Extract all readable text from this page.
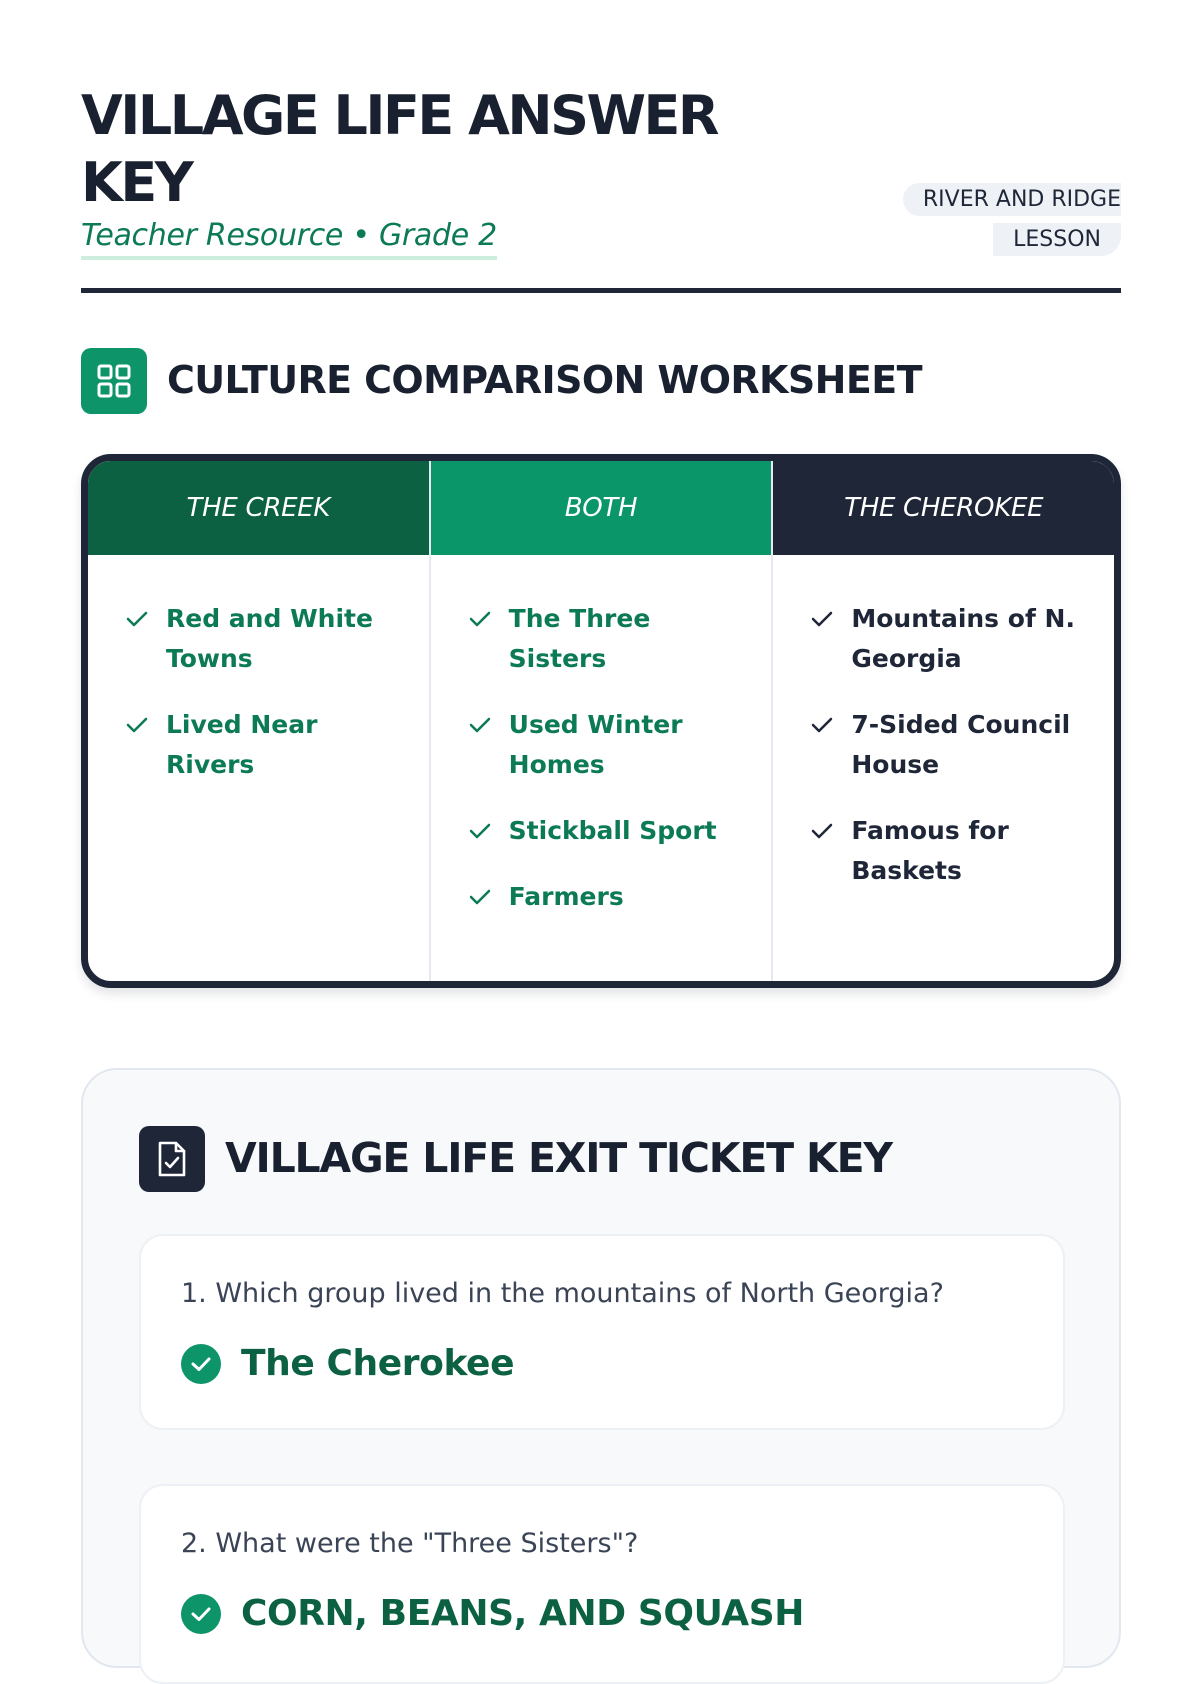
VILLAGE LIFE ANSWER KEY

Teacher Resource • Grade 2

RIVER AND RIDGE
LESSON
CULTURE COMPARISON WORKSHEET
THE CREEK
Red and White Towns
Lived Near Rivers
BOTH
The Three Sisters
Used Winter Homes
Stickball Sport
Farmers
THE CHEROKEE
Mountains of N. Georgia
7-Sided Council House
Famous for Baskets
VILLAGE LIFE EXIT TICKET KEY

1. Which group lived in the mountains of North Georgia?

The Cherokee

2. What were the "Three Sisters"?

CORN, BEANS, AND SQUASH
